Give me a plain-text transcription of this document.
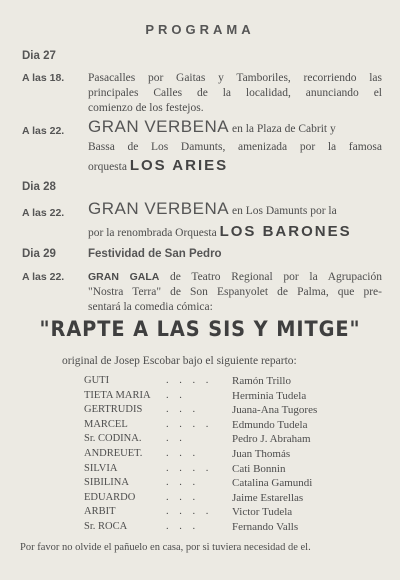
PROGRAMA
Dia 27
A las 18. Pasacalles por Gaitas y Tamboriles, recorriendo las
principales Calles de la localidad, anunciando el
comienzo de los festejos.
A las 22. GRAN VERBENA en la Plaza de Cabrit y
Bassa de Los Damunts, amenizada por la famosa
orquesta LOS ARIES
Dia 28
A las 22. GRAN VERBENA en Los Damunts por la
por la renombrada Orquesta LOS BARONES
Dia 29	Festividad de San Pedro
A las 22. GRAN GALA de Teatro Regional por la Agrupación
"Nostra Terra" de Son Espanyolet de Palma, que pre-
sentará la comedia cómica:
"RAPTE A LAS SIS Y MITGE"
original de Josep Escobar bajo el siguiente reparto:
GUTI	. . . . Ramón Trillo
TIETA MARIA . .	Herminia Tudela
GERTRUDIS . . .	Juana-Ana Tugores
MARCEL	. . . . Edmundo Tudela
Sr. CODINA. . .	Pedro J. Abraham
ANDREUET. . . .	Juan Thomás
SILVIA	. . . . Cati Bonnin
SIBILINA	. . .	Catalina Gamundi
EDUARDO	. . .	Jaime Estarellas
ARBIT	. . . . Victor Tudela
Sr. ROCA	. . .	Fernando Valls
Por favor no olvide el pañuelo en casa, por si tuviera necesidad de el.
